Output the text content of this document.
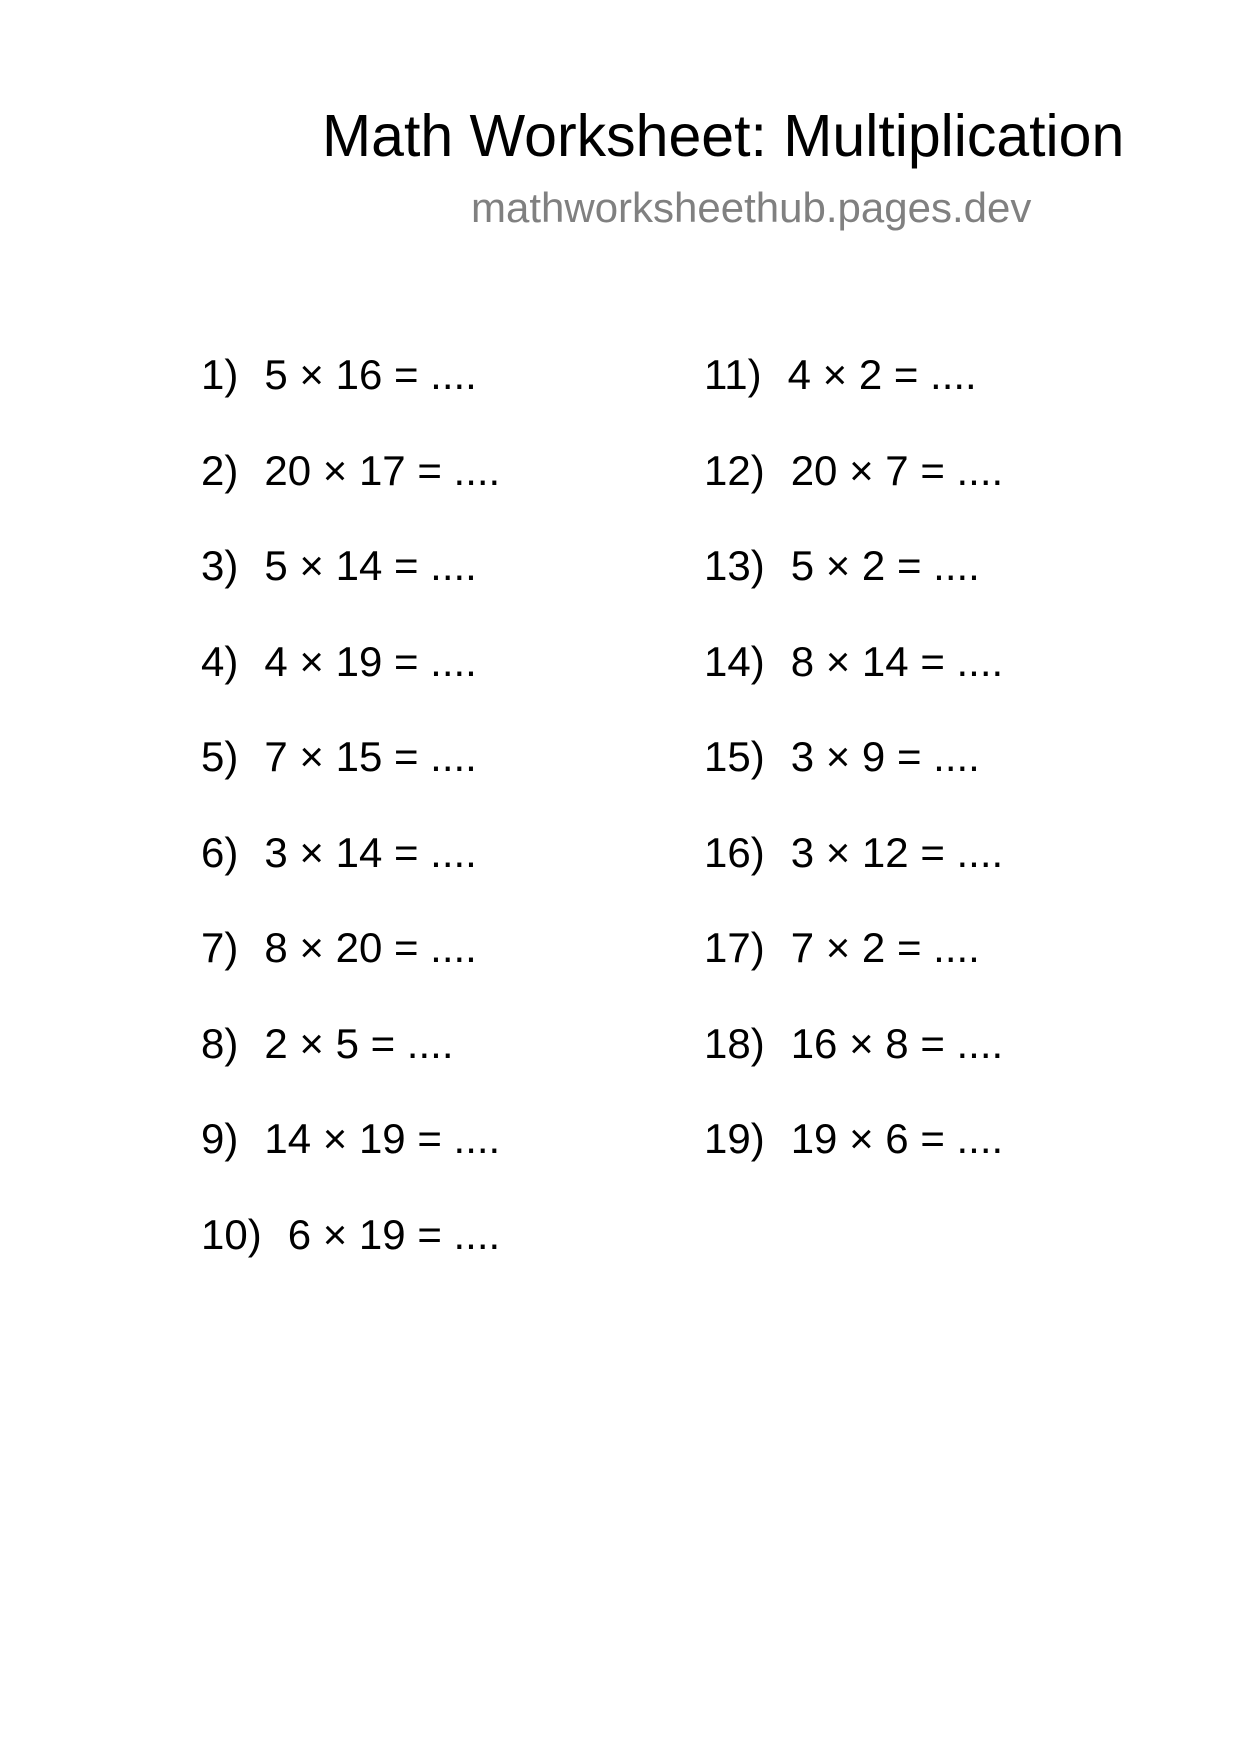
Math Worksheet: Multiplication
mathworksheethub.pages.dev
1) 5 × 16 = ....
2) 20 × 17 = ....
3) 5 × 14 = ....
4) 4 × 19 = ....
5) 7 × 15 = ....
6) 3 × 14 = ....
7) 8 × 20 = ....
8) 2 × 5 = ....
9) 14 × 19 = ....
10) 6 × 19 = ....
11) 4 × 2 = ....
12) 20 × 7 = ....
13) 5 × 2 = ....
14) 8 × 14 = ....
15) 3 × 9 = ....
16) 3 × 12 = ....
17) 7 × 2 = ....
18) 16 × 8 = ....
19) 19 × 6 = ....
